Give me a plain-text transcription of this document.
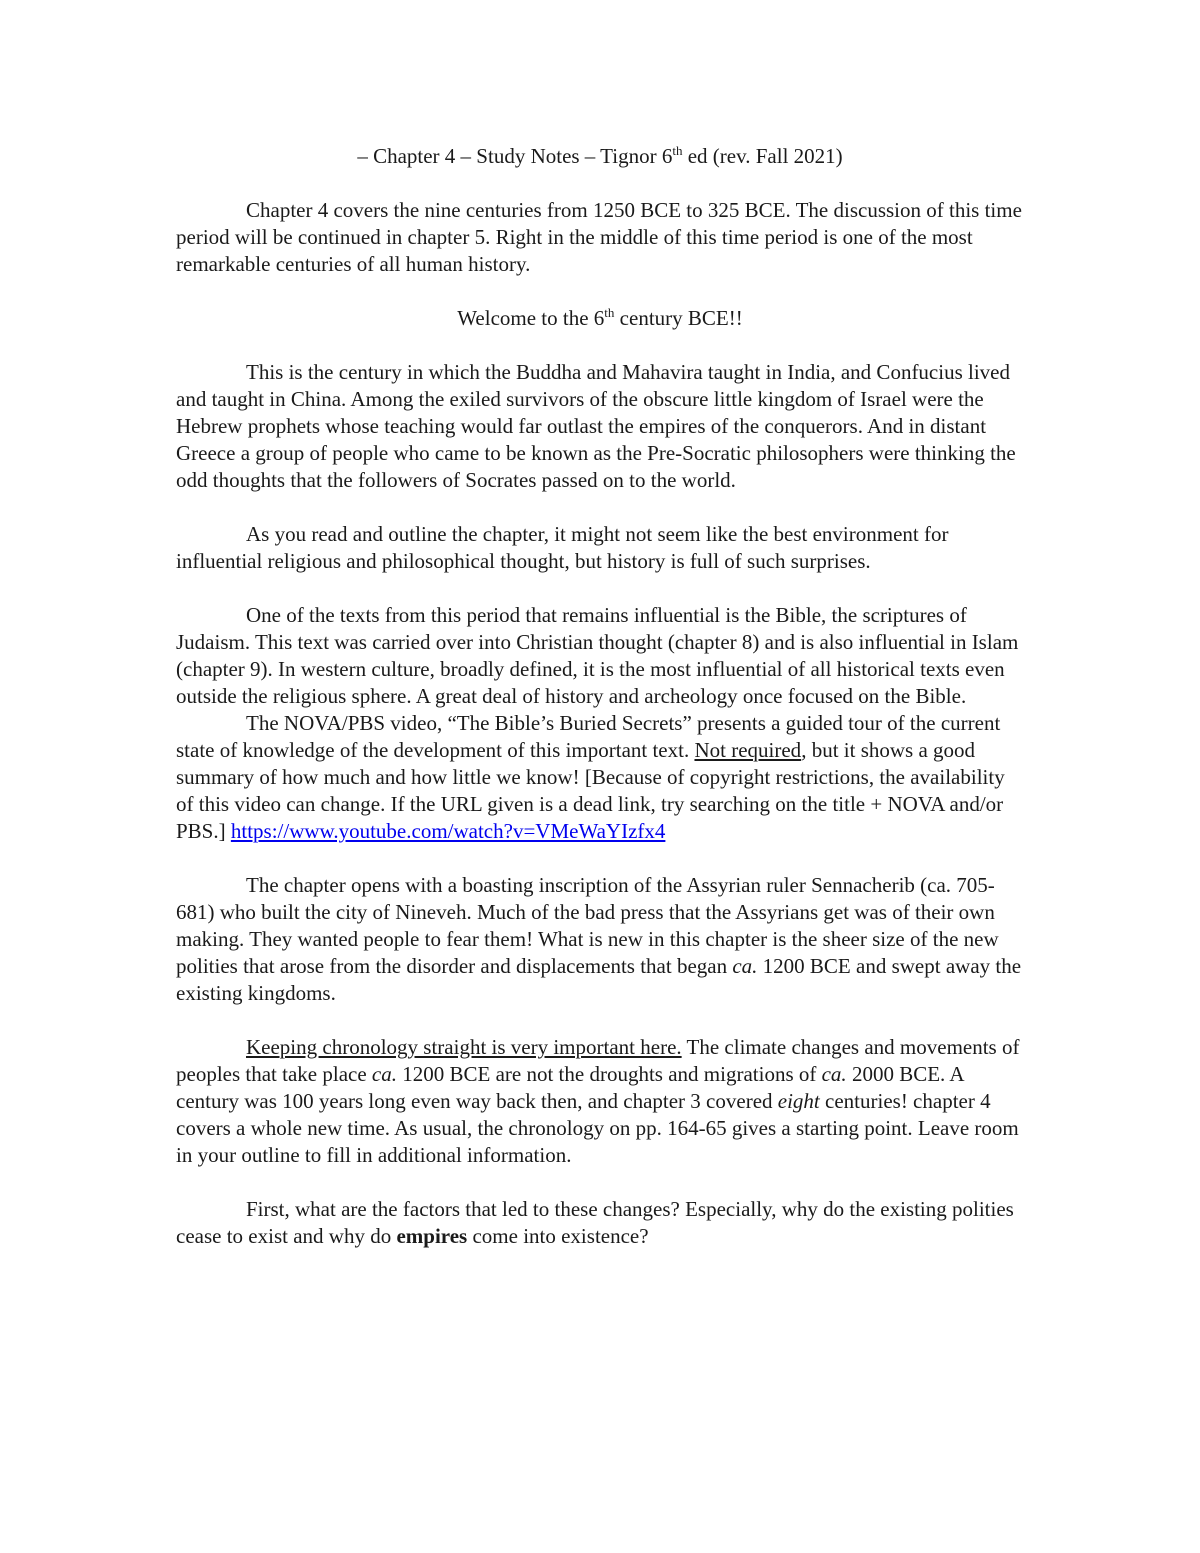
– Chapter 4 – Study Notes – Tignor 6th ed (rev. Fall 2021)

Chapter 4 covers the nine centuries from 1250 BCE to 325 BCE. The discussion of this time period will be continued in chapter 5. Right in the middle of this time period is one of the most remarkable centuries of all human history.

Welcome to the 6th century BCE!!

This is the century in which the Buddha and Mahavira taught in India, and Confucius lived and taught in China. Among the exiled survivors of the obscure little kingdom of Israel were the Hebrew prophets whose teaching would far outlast the empires of the conquerors. And in distant Greece a group of people who came to be known as the Pre-Socratic philosophers were thinking the odd thoughts that the followers of Socrates passed on to the world.

As you read and outline the chapter, it might not seem like the best environment for influential religious and philosophical thought, but history is full of such surprises.

One of the texts from this period that remains influential is the Bible, the scriptures of Judaism. This text was carried over into Christian thought (chapter 8) and is also influential in Islam (chapter 9). In western culture, broadly defined, it is the most influential of all historical texts even outside the religious sphere. A great deal of history and archeology once focused on the Bible.

The NOVA/PBS video, “The Bible’s Buried Secrets” presents a guided tour of the current state of knowledge of the development of this important text. Not required, but it shows a good summary of how much and how little we know! [Because of copyright restrictions, the availability of this video can change. If the URL given is a dead link, try searching on the title + NOVA and/or PBS.] https://www.youtube.com/watch?v=VMeWaYIzfx4

The chapter opens with a boasting inscription of the Assyrian ruler Sennacherib (ca. 705-681) who built the city of Nineveh. Much of the bad press that the Assyrians get was of their own making. They wanted people to fear them! What is new in this chapter is the sheer size of the new polities that arose from the disorder and displacements that began ca. 1200 BCE and swept away the existing kingdoms.

Keeping chronology straight is very important here. The climate changes and movements of peoples that take place ca. 1200 BCE are not the droughts and migrations of ca. 2000 BCE. A century was 100 years long even way back then, and chapter 3 covered eight centuries! chapter 4 covers a whole new time. As usual, the chronology on pp. 164-65 gives a starting point. Leave room in your outline to fill in additional information.

First, what are the factors that led to these changes? Especially, why do the existing polities cease to exist and why do empires come into existence?
